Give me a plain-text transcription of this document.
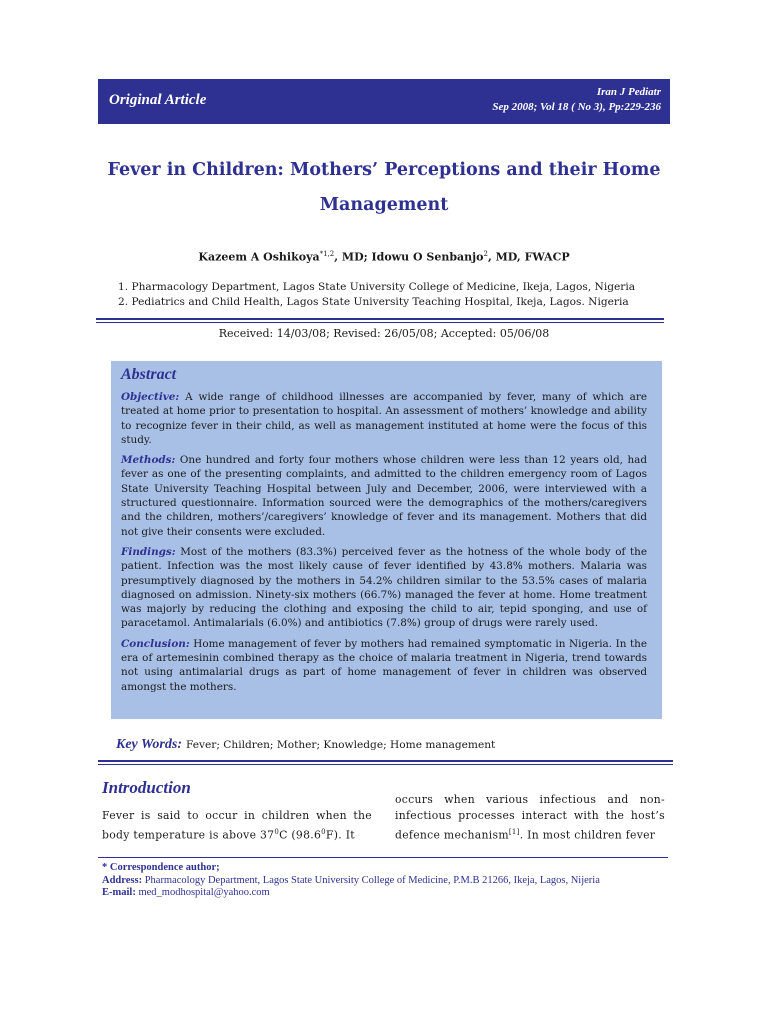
Original Article	Iran J Pediatr
Sep 2008; Vol 18 ( No 3), Pp:229-236
Fever in Children: Mothers’ Perceptions and their Home
Management
Kazeem A Oshikoya$^{*1,2}$, MD; Idowu O Senbanjo$^2$, MD, FWACP
1. Pharmacology Department, Lagos State University College of Medicine, Ikeja, Lagos, Nigeria
2. Pediatrics and Child Health, Lagos State University Teaching Hospital, Ikeja, Lagos. Nigeria
Received: 14/03/08; Revised: 26/05/08; Accepted: 05/06/08
Abstract

Objective: A wide range of childhood illnesses are accompanied by fever, many of which are treated at home prior to presentation to hospital. An assessment of mothers’ knowledge and ability to recognize fever in their child, as well as management instituted at home were the focus of this study.

Methods: One hundred and forty four mothers whose children were less than 12 years old, had fever as one of the presenting complaints, and admitted to the children emergency room of Lagos State University Teaching Hospital between July and December, 2006, were interviewed with a structured questionnaire. Information sourced were the demographics of the mothers/caregivers and the children, mothers’/caregivers’ knowledge of fever and its management. Mothers that did not give their consents were excluded.

Findings: Most of the mothers (83.3%) perceived fever as the hotness of the whole body of the patient. Infection was the most likely cause of fever identified by 43.8% mothers. Malaria was presumptively diagnosed by the mothers in 54.2% children similar to the 53.5% cases of malaria diagnosed on admission. Ninety-six mothers (66.7%) managed the fever at home. Home treatment was majorly by reducing the clothing and exposing the child to air, tepid sponging, and use of paracetamol. Antimalarials (6.0%) and antibiotics (7.8%) group of drugs were rarely used.

Conclusion: Home management of fever by mothers had remained symptomatic in Nigeria. In the era of artemesinin combined therapy as the choice of malaria treatment in Nigeria, trend towards not using antimalarial drugs as part of home management of fever in children was observed amongst the mothers.

Key Words: Fever; Children; Mother; Knowledge; Home management
Introduction
Fever is said to occur in children when the body temperature is above $37^0C$ (98.6$^0$F). It
occurs when various infectious and non-infectious processes interact with the host’s defence mechanism[1]. In most children fever
* Correspondence author;
Address: Pharmacology Department, Lagos State University College of Medicine, P.M.B 21266, Ikeja, Lagos, Nijeria
E-mail: med_modhospital@yahoo.com
